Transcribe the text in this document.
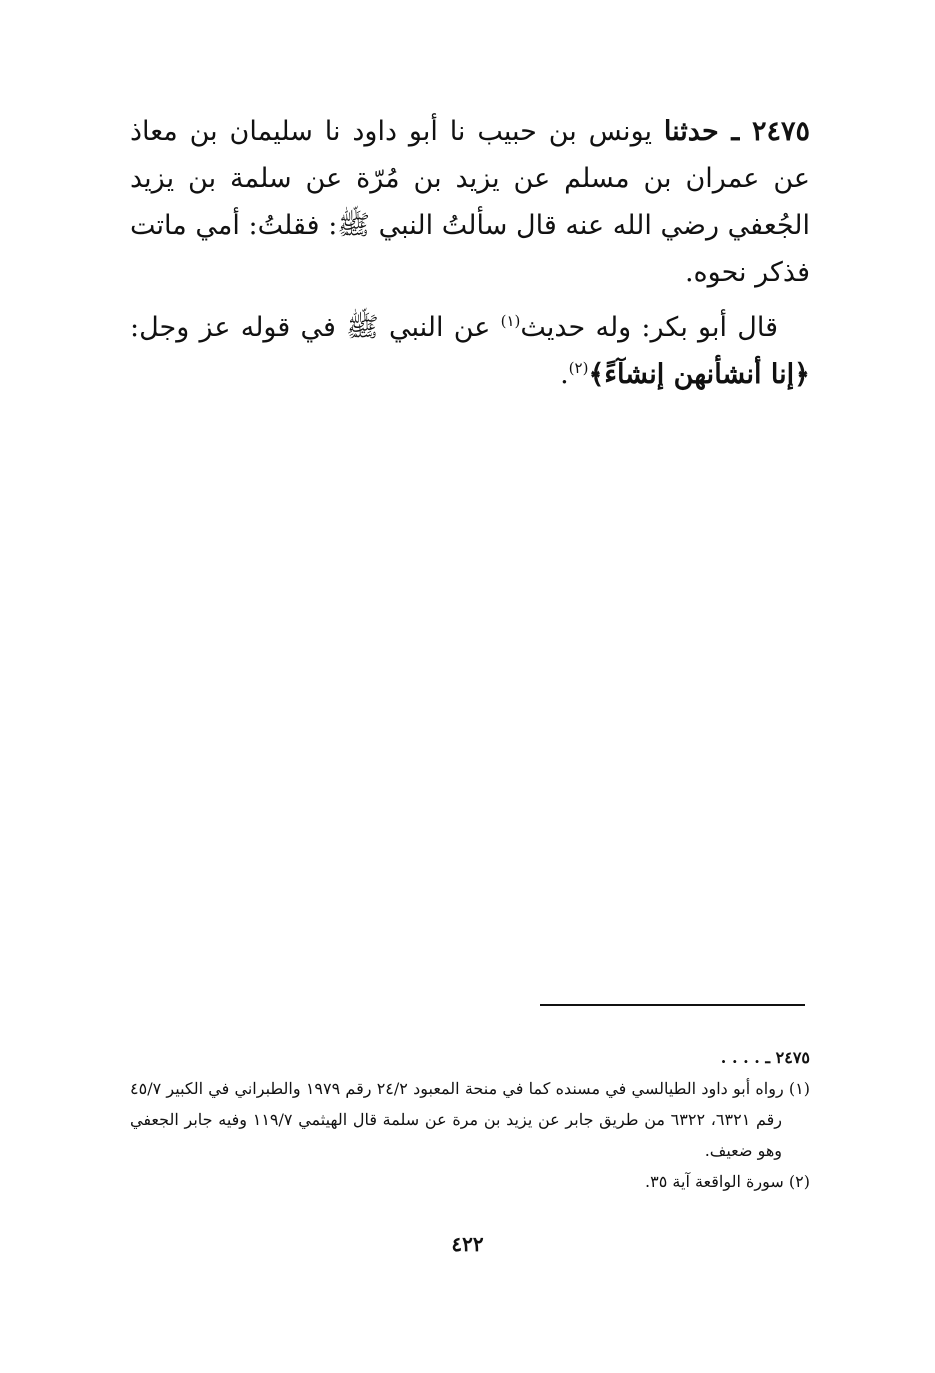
٢٤٧٥ ـ حدثنا يونس بن حبيب نا أبو داود نا سليمان بن معاذ عن عمران بن مسلم عن يزيد بن مُرّة عن سلمة بن يزيد الجُعفي رضي الله عنه قال سألتُ النبي ﷺ: فقلتُ: أمي ماتت فذكر نحوه.

قال أبو بكر: وله حديث$^{(١)}$ عن النبي ﷺ في قوله عز وجل: ﴿إنا أنشأنهن إنشآءً﴾$^{(٢)}$.

٢٤٧٥ ـ . . . .

(١) رواه أبو داود الطيالسي في مسنده كما في منحة المعبود ٢٤/٢ رقم ١٩٧٩ والطبراني في الكبير ٤٥/٧ رقم ٦٣٢١، ٦٣٢٢ من طريق جابر عن يزيد بن مرة عن سلمة قال الهيثمي ١١٩/٧ وفيه جابر الجعفي وهو ضعيف.

(٢) سورة الواقعة آية ٣٥.

٤٢٢
